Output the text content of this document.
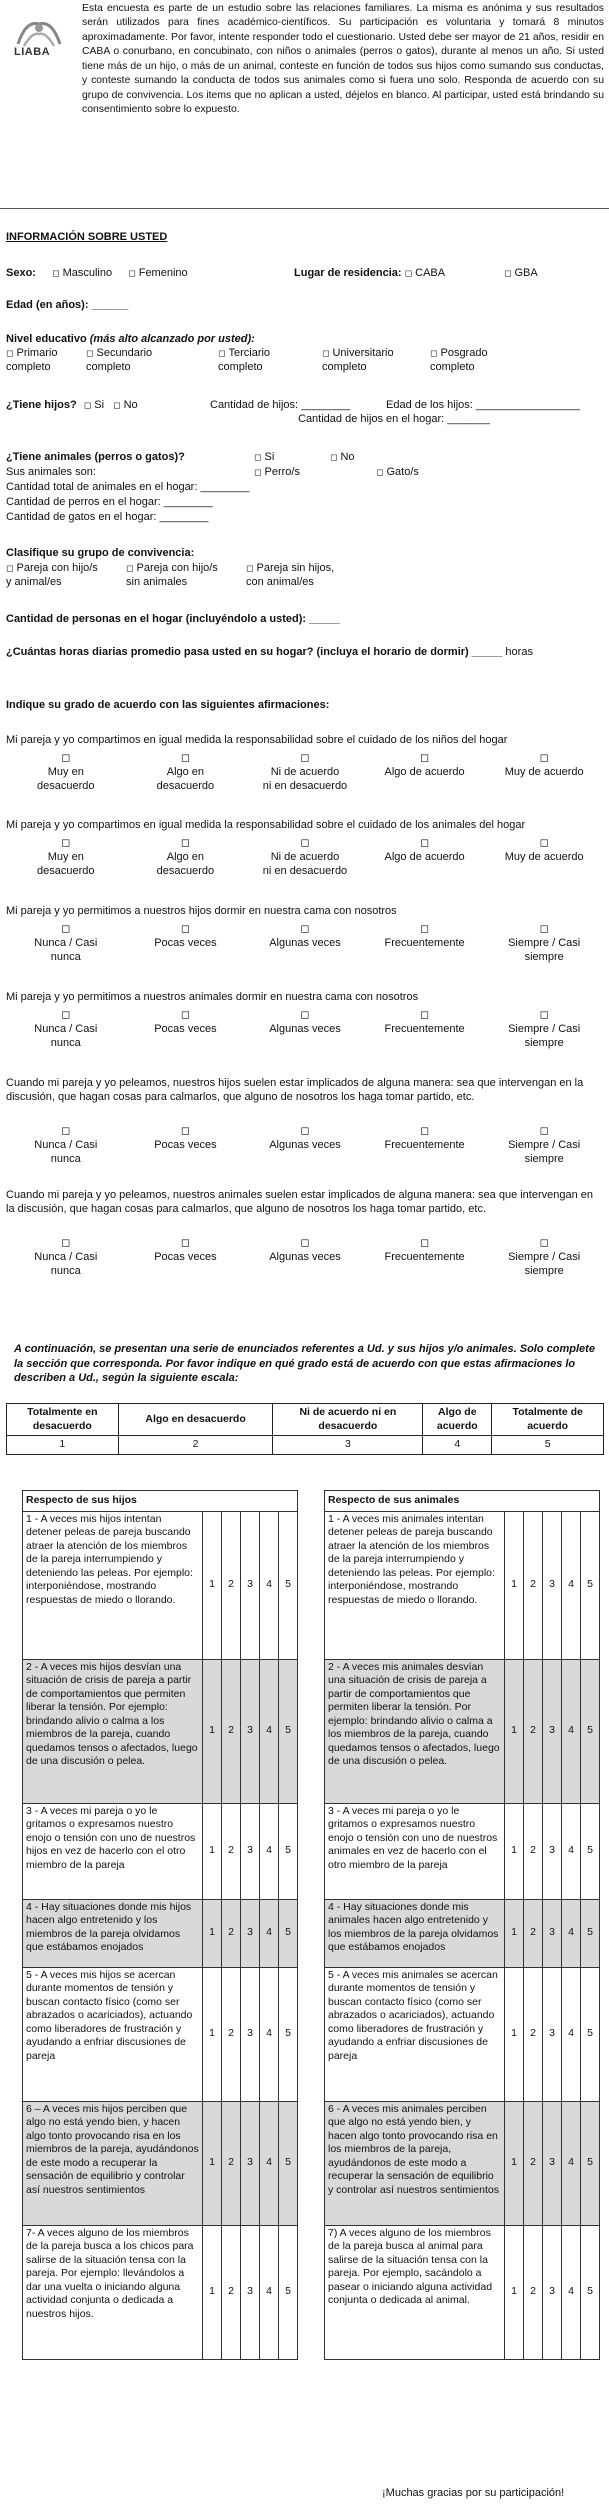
LIABA
Esta encuesta es parte de un estudio sobre las relaciones familiares. La misma es anónima y sus resultados serán utilizados para fines académico-científicos. Su participación es voluntaria y tomará 8 minutos aproximadamente. Por favor, intente responder todo el cuestionario. Usted debe ser mayor de 21 años, residir en CABA o conurbano, en concubinato, con niños o animales (perros o gatos), durante al menos un año. Si usted tiene más de un hijo, o más de un animal, conteste en función de todos sus hijos como sumando sus conductas, y conteste sumando la conducta de todos sus animales como si fuera uno solo. Responda de acuerdo con su grupo de convivencia. Los items que no aplican a usted, déjelos en blanco. Al participar, usted está brindando su consentimiento sobre lo expuesto.
INFORMACIÓN SOBRE USTED
Sexo: ◻ Masculino ◻ Femenino	Lugar de residencia: ◻ CABA	◻ GBA
Edad (en años): ______
Nivel educativo (más alto alcanzado por usted):
◻ Primario
completo
◻ Secundario
completo
◻ Terciario
completo
◻ Universitario
completo
◻ Posgrado
completo
¿Tiene hijos? ◻ Si ◻ No	Cantidad de hijos: ________	Edad de los hijos: _________________
Cantidad de hijos en el hogar: _______
¿Tiene animales (perros o gatos)?	◻ Si	◻ No
Sus animales son:	◻ Perro/s	◻ Gato/s
Cantidad total de animales en el hogar: ________
Cantidad de perros en el hogar: ________
Cantidad de gatos en el hogar: ________
Clasifique su grupo de convivencia:
◻ Pareja con hijo/s
y animal/es
◻ Pareja con hijo/s
sin animales
◻ Pareja sin hijos,
con animal/es
Cantidad de personas en el hogar (incluyéndolo a usted): _____
¿Cuántas horas diarias promedio pasa usted en su hogar? (incluya el horario de dormir) _____ horas
Indique su grado de acuerdo con las siguientes afirmaciones:
Mi pareja y yo compartimos en igual medida la responsabilidad sobre el cuidado de los niños del hogar
◻
Muy en
desacuerdo
◻
Algo en
desacuerdo
◻
Ni de acuerdo
ni en desacuerdo
◻
Algo de acuerdo
◻
Muy de acuerdo
Mi pareja y yo compartimos en igual medida la responsabilidad sobre el cuidado de los animales del hogar
◻
Muy en
desacuerdo
◻
Algo en
desacuerdo
◻
Ni de acuerdo
ni en desacuerdo
◻
Algo de acuerdo
◻
Muy de acuerdo
Mi pareja y yo permitimos a nuestros hijos dormir en nuestra cama con nosotros
◻
Nunca / Casi
nunca
◻
Pocas veces
◻
Algunas veces
◻
Frecuentemente
◻
Siempre / Casi
siempre
Mi pareja y yo permitimos a nuestros animales dormir en nuestra cama con nosotros
◻
Nunca / Casi
nunca
◻
Pocas veces
◻
Algunas veces
◻
Frecuentemente
◻
Siempre / Casi
siempre
Cuando mi pareja y yo peleamos, nuestros hijos suelen estar implicados de alguna manera: sea que intervengan en la discusión, que hagan cosas para calmarlos, que alguno de nosotros los haga tomar partido, etc.
◻
Nunca / Casi
nunca
◻
Pocas veces
◻
Algunas veces
◻
Frecuentemente
◻
Siempre / Casi
siempre
Cuando mi pareja y yo peleamos, nuestros animales suelen estar implicados de alguna manera: sea que intervengan en la discusión, que hagan cosas para calmarlos, que alguno de nosotros los haga tomar partido, etc.
◻
Nunca / Casi
nunca
◻
Pocas veces
◻
Algunas veces
◻
Frecuentemente
◻
Siempre / Casi
siempre
A continuación, se presentan una serie de enunciados referentes a Ud. y sus hijos y/o animales. Solo complete la sección que corresponda. Por favor indique en qué grado está de acuerdo con que estas afirmaciones lo describen a Ud., según la siguiente escala:
Totalmente en
desacuerdo	Algo en desacuerdo	Ni de acuerdo ni en
desacuerdo	Algo de
acuerdo	Totalmente de
acuerdo
1	2	3	4	5
Respecto de sus hijos					
1 - A veces mis hijos intentan detener peleas de pareja buscando atraer la atención de los miembros de la pareja interrumpiendo y deteniendo las peleas. Por ejemplo: interponiéndose, mostrando respuestas de miedo o llorando.	1	2	3	4	5
2 - A veces mis hijos desvían una situación de crisis de pareja a partir de comportamientos que permiten liberar la tensión. Por ejemplo: brindando alivio o calma a los miembros de la pareja, cuando quedamos tensos o afectados, luego de una discusión o pelea.	1	2	3	4	5
3 - A veces mi pareja o yo le gritamos o expresamos nuestro enojo o tensión con uno de nuestros hijos en vez de hacerlo con el otro miembro de la pareja	1	2	3	4	5
4 - Hay situaciones donde mis hijos hacen algo entretenido y los miembros de la pareja olvidamos que estábamos enojados	1	2	3	4	5
5 - A veces mis hijos se acercan durante momentos de tensión y buscan contacto físico (como ser abrazados o acariciados), actuando como liberadores de frustración y ayudando a enfriar discusiones de pareja	1	2	3	4	5
6 – A veces mis hijos perciben que algo no está yendo bien, y hacen algo tonto provocando risa en los miembros de la pareja, ayudándonos de este modo a recuperar la sensación de equilibrio y controlar así nuestros sentimientos	1	2	3	4	5
7- A veces alguno de los miembros de la pareja busca a los chicos para salirse de la situación tensa con la pareja. Por ejemplo: llevándolos a dar una vuelta o iniciando alguna actividad conjunta o dedicada a nuestros hijos.	1	2	3	4	5
Respecto de sus animales					
1 - A veces mis animales intentan detener peleas de pareja buscando atraer la atención de los miembros de la pareja interrumpiendo y deteniendo las peleas. Por ejemplo: interponiéndose, mostrando respuestas de miedo o llorando.	1	2	3	4	5
2 - A veces mis animales desvían una situación de crisis de pareja a partir de comportamientos que permiten liberar la tensión. Por ejemplo: brindando alivio o calma a los miembros de la pareja, cuando quedamos tensos o afectados, luego de una discusión o pelea.	1	2	3	4	5
3 - A veces mi pareja o yo le gritamos o expresamos nuestro enojo o tensión con uno de nuestros animales en vez de hacerlo con el otro miembro de la pareja	1	2	3	4	5
4 - Hay situaciones donde mis animales hacen algo entretenido y los miembros de la pareja olvidamos que estábamos enojados	1	2	3	4	5
5 - A veces mis animales se acercan durante momentos de tensión y buscan contacto físico (como ser abrazados o acariciados), actuando como liberadores de frustración y ayudando a enfriar discusiones de pareja	1	2	3	4	5
6 - A veces mis animales perciben que algo no está yendo bien, y hacen algo tonto provocando risa en los miembros de la pareja, ayudándonos de este modo a recuperar la sensación de equilibrio y controlar así nuestros sentimientos	1	2	3	4	5
7) A veces alguno de los miembros de la pareja busca al animal para salirse de la situación tensa con la pareja. Por ejemplo, sacándolo a pasear o iniciando alguna actividad conjunta o dedicada al animal.	1	2	3	4	5
¡Muchas gracias por su participación!
